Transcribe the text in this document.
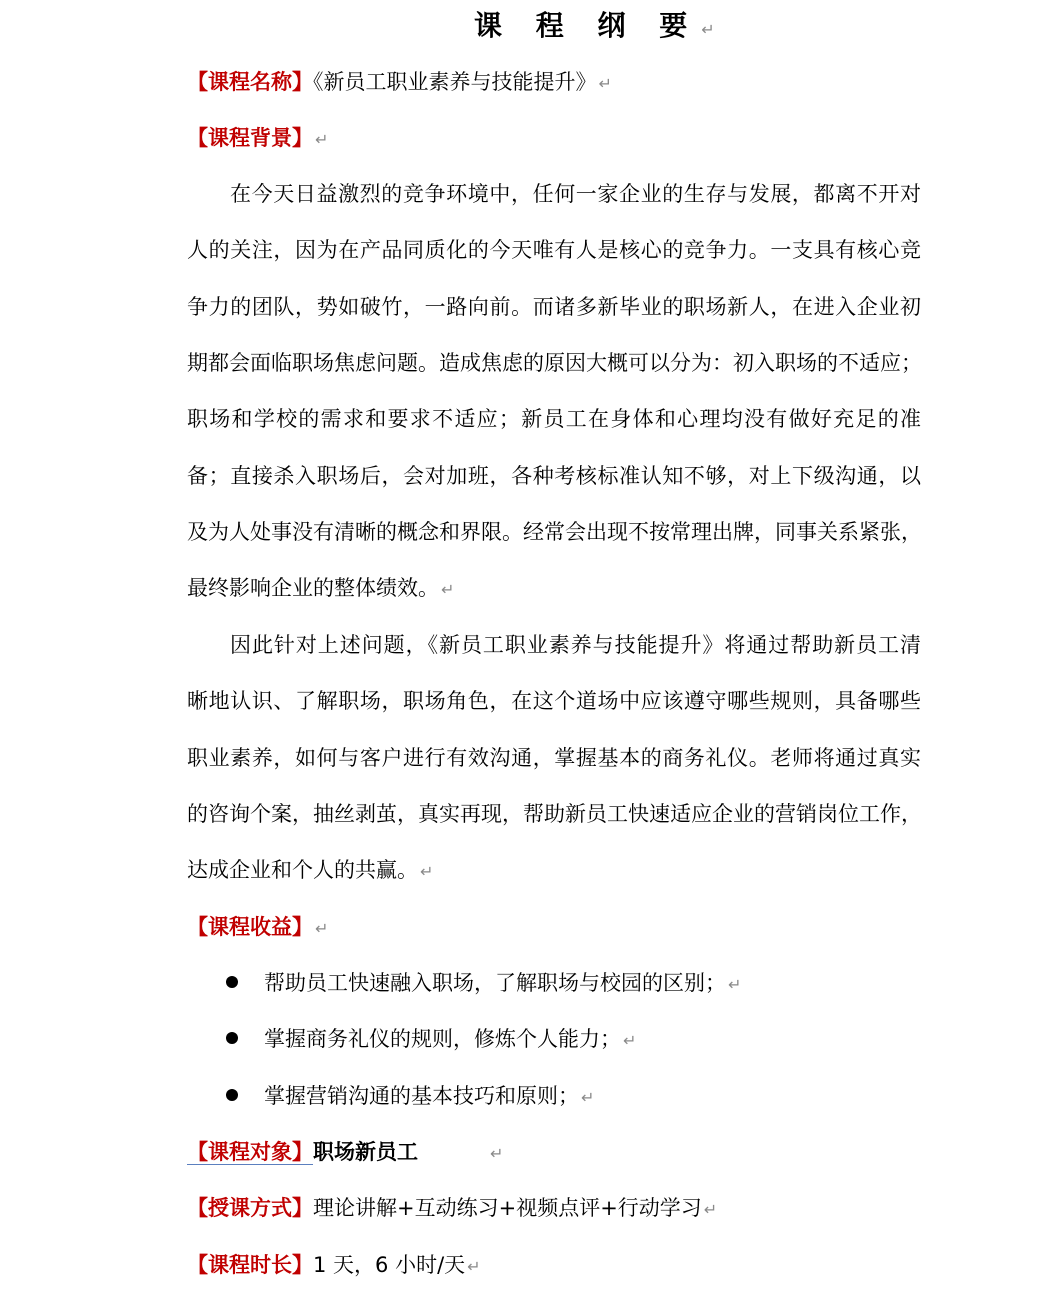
课 程 纲 要 ↵
【课程名称】《新员工职业素养与技能提升》 ↵
【课程背景】 ↵
在今天日益激烈的竞争环境中，任何一家企业的生存与发展，都离不开对
人的关注，因为在产品同质化的今天唯有人是核心的竞争力。一支具有核心竞
争力的团队，势如破竹，一路向前。而诸多新毕业的职场新人，在进入企业初
期都会面临职场焦虑问题。造成焦虑的原因大概可以分为：初入职场的不适应；
职场和学校的需求和要求不适应；新员工在身体和心理均没有做好充足的准
备；直接杀入职场后，会对加班，各种考核标准认知不够，对上下级沟通，以
及为人处事没有清晰的概念和界限。经常会出现不按常理出牌，同事关系紧张，
最终影响企业的整体绩效。 ↵
因此针对上述问题，《新员工职业素养与技能提升》将通过帮助新员工清
晰地认识、了解职场，职场角色，在这个道场中应该遵守哪些规则，具备哪些
职业素养，如何与客户进行有效沟通，掌握基本的商务礼仪。老师将通过真实
的咨询个案，抽丝剥茧，真实再现，帮助新员工快速适应企业的营销岗位工作，
达成企业和个人的共赢。 ↵
【课程收益】 ↵
帮助员工快速融入职场，了解职场与校园的区别； ↵
掌握商务礼仪的规则，修炼个人能力； ↵
掌握营销沟通的基本技巧和原则； ↵
【课程对象】职场新员工	↵
【授课方式】理论讲解+互动练习+视频点评+行动学习 ↵
【课程时长】1 天，6 小时/天 ↵
